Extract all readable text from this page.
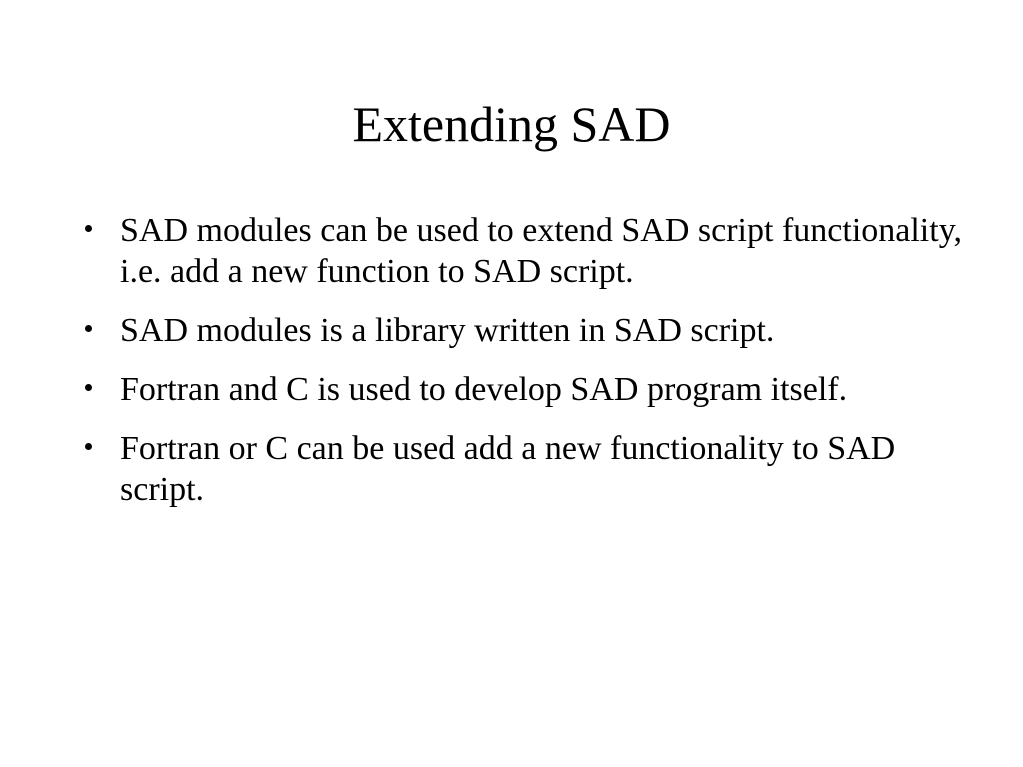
Extending SAD
SAD modules can be used to extend SAD script functionality, i.e. add a new function to SAD script.
SAD modules is a library written in SAD script.
Fortran and C is used to develop SAD program itself.
Fortran or C can be used add a new functionality to SAD script.
